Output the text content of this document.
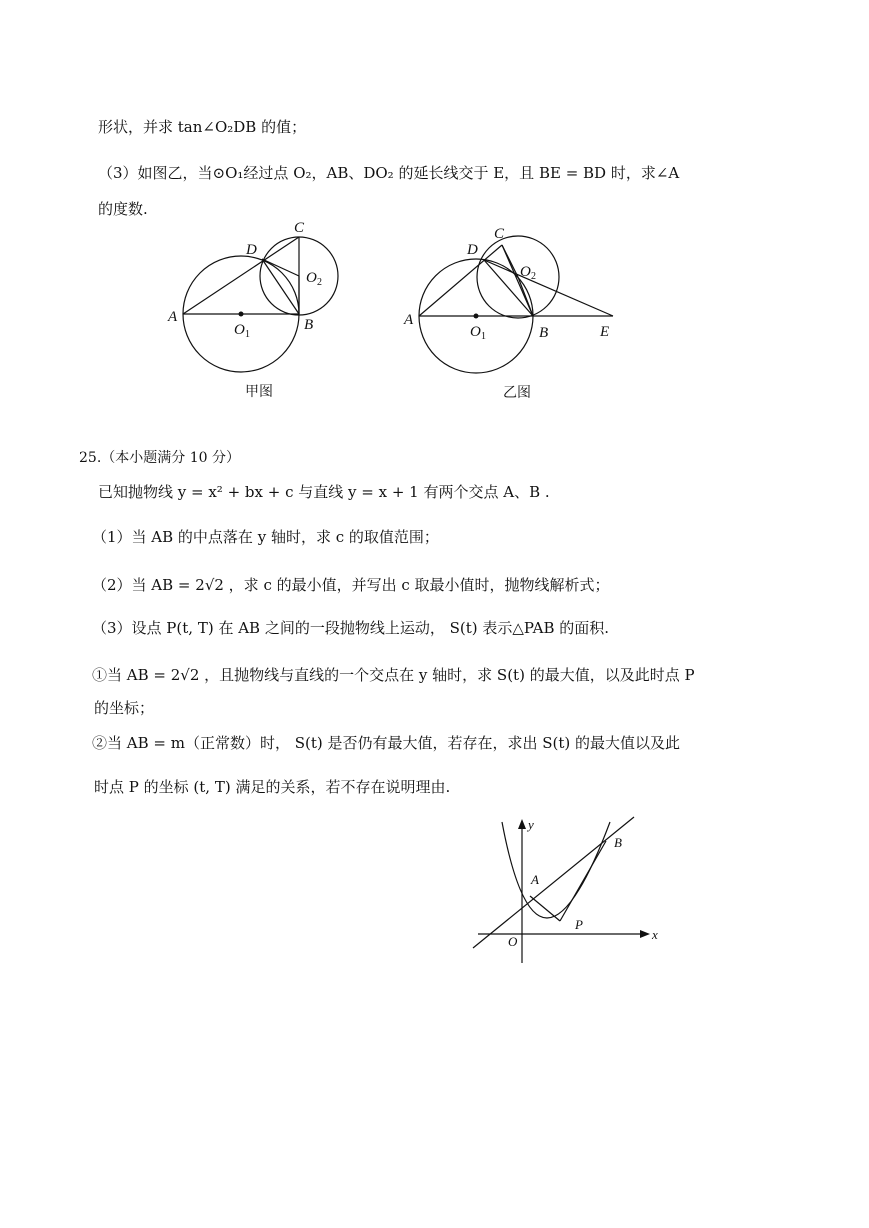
形状，并求 tan∠O₂DB 的值；
（3）如图乙，当⊙O₁经过点 O₂，AB、DO₂ 的延长线交于 E，且 BE = BD 时，求∠A
的度数.
A	B
C
D
O 1
O 2
甲图
A
B
C
D
E
O 1
O 2
乙图
25.（本小题满分 10 分）
已知抛物线 y = x² + bx + c 与直线 y = x + 1 有两个交点 A、B .
（1）当 AB 的中点落在 y 轴时，求 c 的取值范围；
（2）当 AB = 2√2 ，求 c 的最小值，并写出 c 取最小值时，抛物线解析式；
（3）设点 P(t, T) 在 AB 之间的一段抛物线上运动， S(t) 表示△PAB 的面积.
①当 AB = 2√2 ，且抛物线与直线的一个交点在 y 轴时，求 S(t) 的最大值，以及此时点 P
的坐标；
②当 AB = m（正常数）时， S(t) 是否仍有最大值，若存在，求出 S(t) 的最大值以及此
时点 P 的坐标 (t, T) 满足的关系，若不存在说明理由.
y
x
O
A
B
P
